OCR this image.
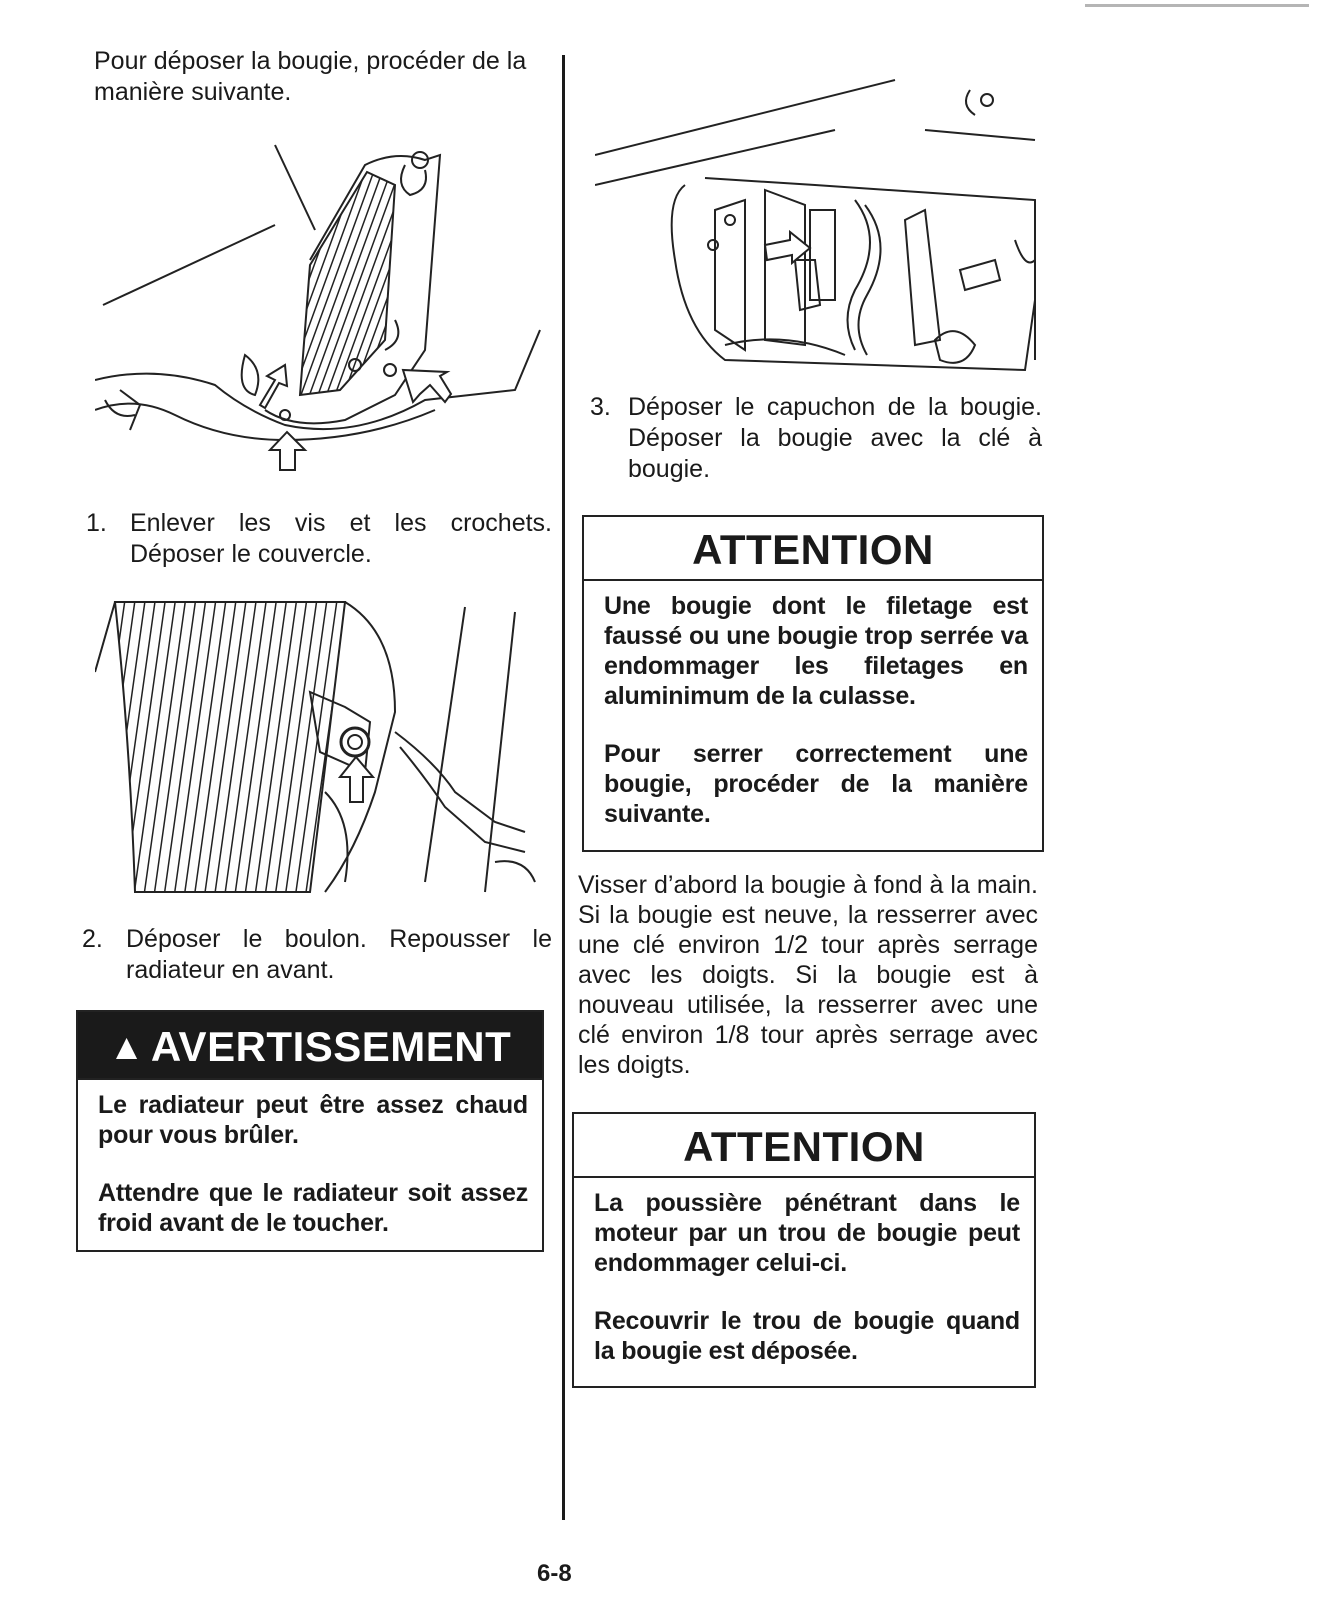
Pour déposer la bougie, procéder de la manière suivante.
1. Enlever les vis et les crochets. Déposer le couvercle.
2. Déposer le boulon. Repousser le radiateur en avant.
▲ AVERTISSEMENT

Le radiateur peut être assez chaud pour vous brûler.

Attendre que le radiateur soit assez froid avant de le toucher.

3. Déposer le capuchon de la bougie. Déposer la bougie avec la clé à bougie.
ATTENTION

Une bougie dont le filetage est faussé ou une bougie trop serrée va endommager les filetages en aluminimum de la culasse.

Pour serrer correctement une bougie, procéder de la manière suivante.

Visser d’abord la bougie à fond à la main. Si la bougie est neuve, la resserrer avec une clé environ 1/2 tour après serrage avec les doigts. Si la bougie est à nouveau utilisée, la resserrer avec une clé environ 1/8 tour après serrage avec les doigts.
ATTENTION

La poussière pénétrant dans le moteur par un trou de bougie peut endommager celui-ci.

Recouvrir le trou de bougie quand la bougie est déposée.

6-8
